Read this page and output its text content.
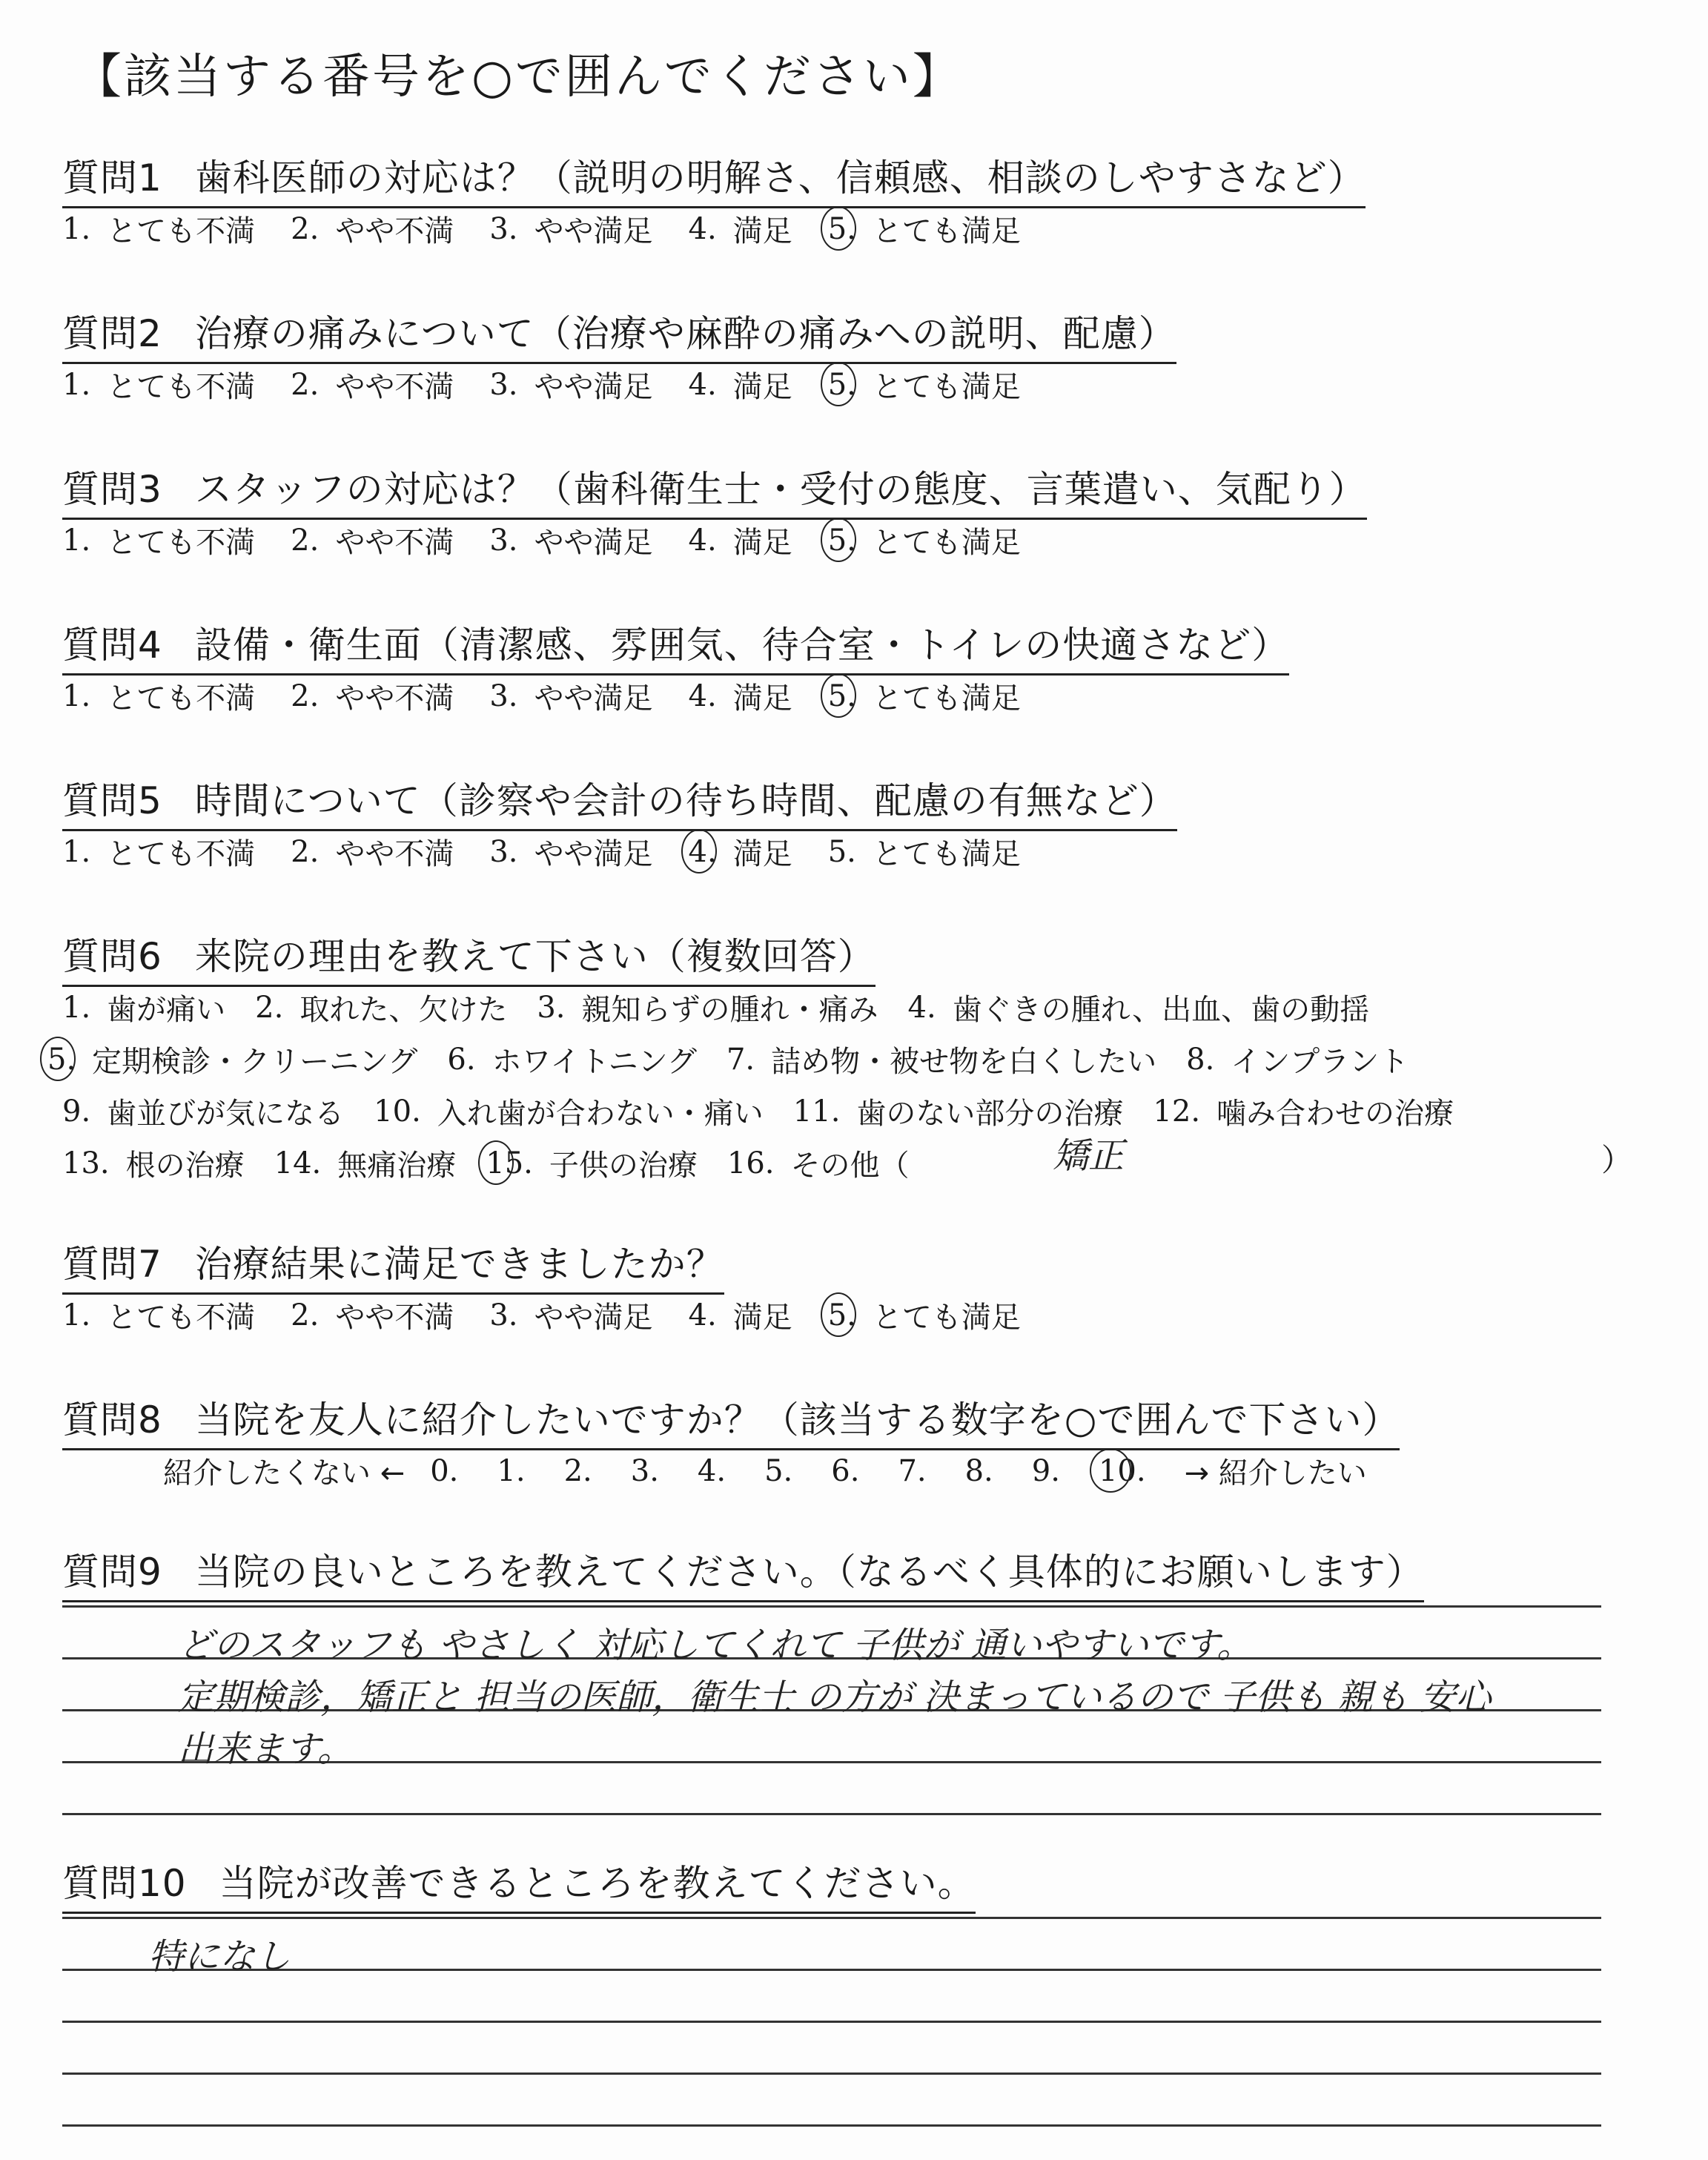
【該当する番号を○で囲んでください】
質問1 歯科医師の対応は？（説明の明解さ、信頼感、相談のしやすさなど）
1. とても不満 2. やや不満 3. やや満足 4. 満足 5. とても満足
質問2 治療の痛みについて（治療や麻酔の痛みへの説明、配慮）
1. とても不満 2. やや不満 3. やや満足 4. 満足 5. とても満足
質問3 スタッフの対応は？（歯科衛生士・受付の態度、言葉遣い、気配り）
1. とても不満 2. やや不満 3. やや満足 4. 満足 5. とても満足
質問4 設備・衛生面（清潔感、雰囲気、待合室・トイレの快適さなど）
1. とても不満 2. やや不満 3. やや満足 4. 満足 5. とても満足
質問5 時間について（診察や会計の待ち時間、配慮の有無など）
1. とても不満 2. やや不満 3. やや満足 4. 満足 5. とても満足
質問6 来院の理由を教えて下さい（複数回答）
1. 歯が痛い 2. 取れた、欠けた 3. 親知らずの腫れ・痛み 4. 歯ぐきの腫れ、出血、歯の動揺
5. 定期検診・クリーニング 6. ホワイトニング 7. 詰め物・被せ物を白くしたい 8. インプラント
9. 歯並びが気になる 10. 入れ歯が合わない・痛い 11. 歯のない部分の治療 12. 噛み合わせの治療
13. 根の治療 14. 無痛治療 15. 子供の治療 16. その他（	矯正	）
質問7 治療結果に満足できましたか？
1. とても不満 2. やや不満 3. やや満足 4. 満足 5. とても満足
質問8 当院を友人に紹介したいですか？（該当する数字を○で囲んで下さい）
紹介したくない ← 0. 1. 2. 3. 4. 5. 6. 7. 8. 9. 10. → 紹介したい
質問9 当院の良いところを教えてください。（なるべく具体的にお願いします）
どのスタッフも やさしく 対応してくれて 子供が 通いやすいです。
定期検診，矯正と 担当の医師，衛生士 の方が 決まっているので 子供も 親も 安心
出来ます。
質問10 当院が改善できるところを教えてください。
特になし
